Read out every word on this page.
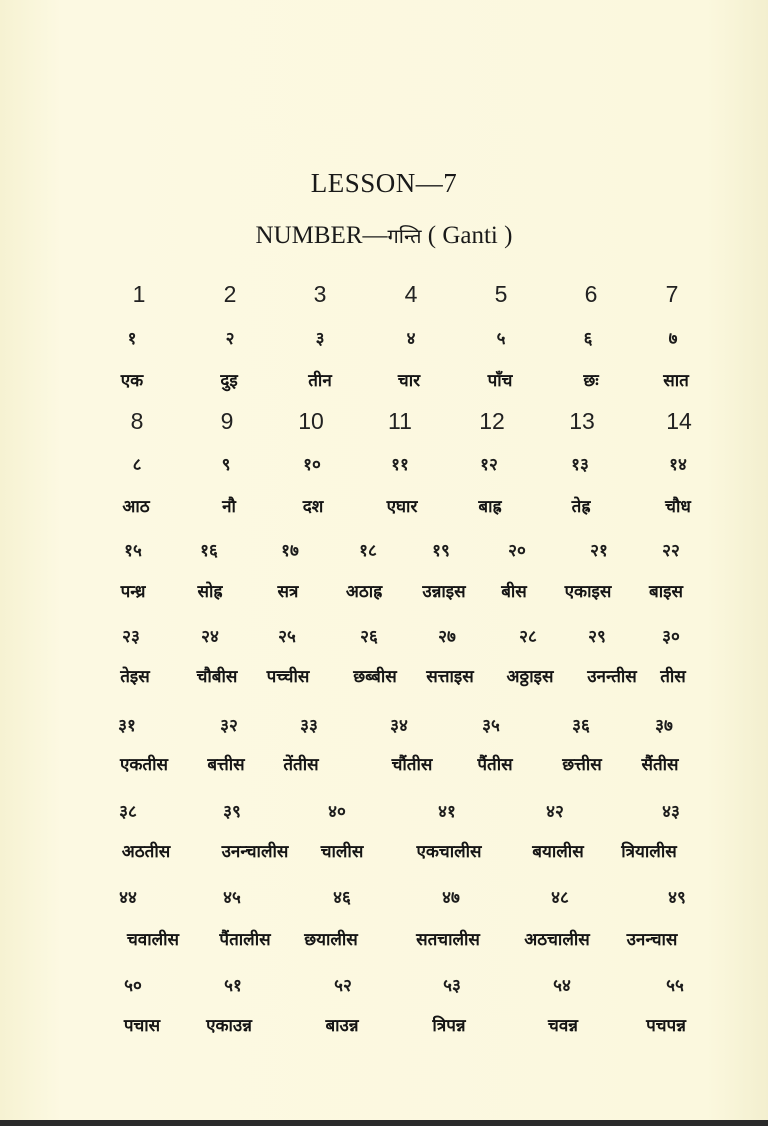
LESSON—7
NUMBER—गन्ति ( Ganti )
1	2	3	4	5	6	7
१	२	३	४	५	६	७
एक	दुइ	तीन	चार	पाँच	छः	सात
8	9	10	11	12	13	14
८	९	१०	११	१२	१३	१४
आठ	नौ	दश	एघार	बाह्र	तेह्र	चौध
१५	१६	१७	१८	१९	२०	२१	२२
पन्ध्र	सोह्र	सत्र	अठाह्र उन्नाइस बीस एकाइस बाइस
२३	२४	२५	२६	२७	२८	२९	३०
तेइस	चौबीस पच्चीस	छब्बीस सत्ताइस अठ्ठाइस उनन्तीस तीस
३१	३२	३३	३४	३५	३६	३७
एकतीस बत्तीस तेंतीस	चौंतीस	पैंतीस	छत्तीस सैंतीस
३८	३९	४०	४१	४२	४३
अठतीस	उनन्चालीस चालीस	एकचालीस	बयालीस त्रियालीस
४४	४५	४६	४७	४८	४९
चवालीस पैंतालीस छयालीस	सतचालीस	अठचालीस उनन्चास
५०	५१	५२	५३	५४	५५
पचास	एकाउन्न	बाउन्न	त्रिपन्न	चवन्न	पचपन्न
